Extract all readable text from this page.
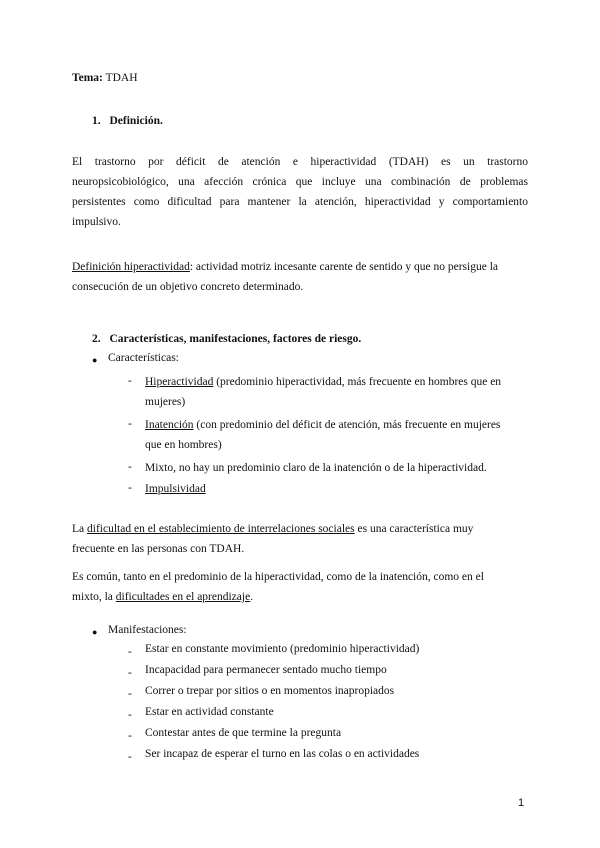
Tema: TDAH
1. Definición.
El trastorno por déficit de atención e hiperactividad (TDAH) es un trastorno
neuropsicobiológico, una afección crónica que incluye una combinación de problemas
persistentes como dificultad para mantener la atención, hiperactividad y comportamiento
impulsivo.
Definición hiperactividad: actividad motriz incesante carente de sentido y que no persigue la
consecución de un objetivo concreto determinado.
2. Características, manifestaciones, factores de riesgo.
● Características:
- Hiperactividad (predominio hiperactividad, más frecuente en hombres que en
mujeres)
- Inatención (con predominio del déficit de atención, más frecuente en mujeres
que en hombres)
- Mixto, no hay un predominio claro de la inatención o de la hiperactividad.
- Impulsividad
La dificultad en el establecimiento de interrelaciones sociales es una característica muy
frecuente en las personas con TDAH.
Es común, tanto en el predominio de la hiperactividad, como de la inatención, como en el
mixto, la dificultades en el aprendizaje.
● Manifestaciones:
- Estar en constante movimiento (predominio hiperactividad)
- Incapacidad para permanecer sentado mucho tiempo
- Correr o trepar por sitios o en momentos inapropiados
- Estar en actividad constante
- Contestar antes de que termine la pregunta
- Ser incapaz de esperar el turno en las colas o en actividades
1
